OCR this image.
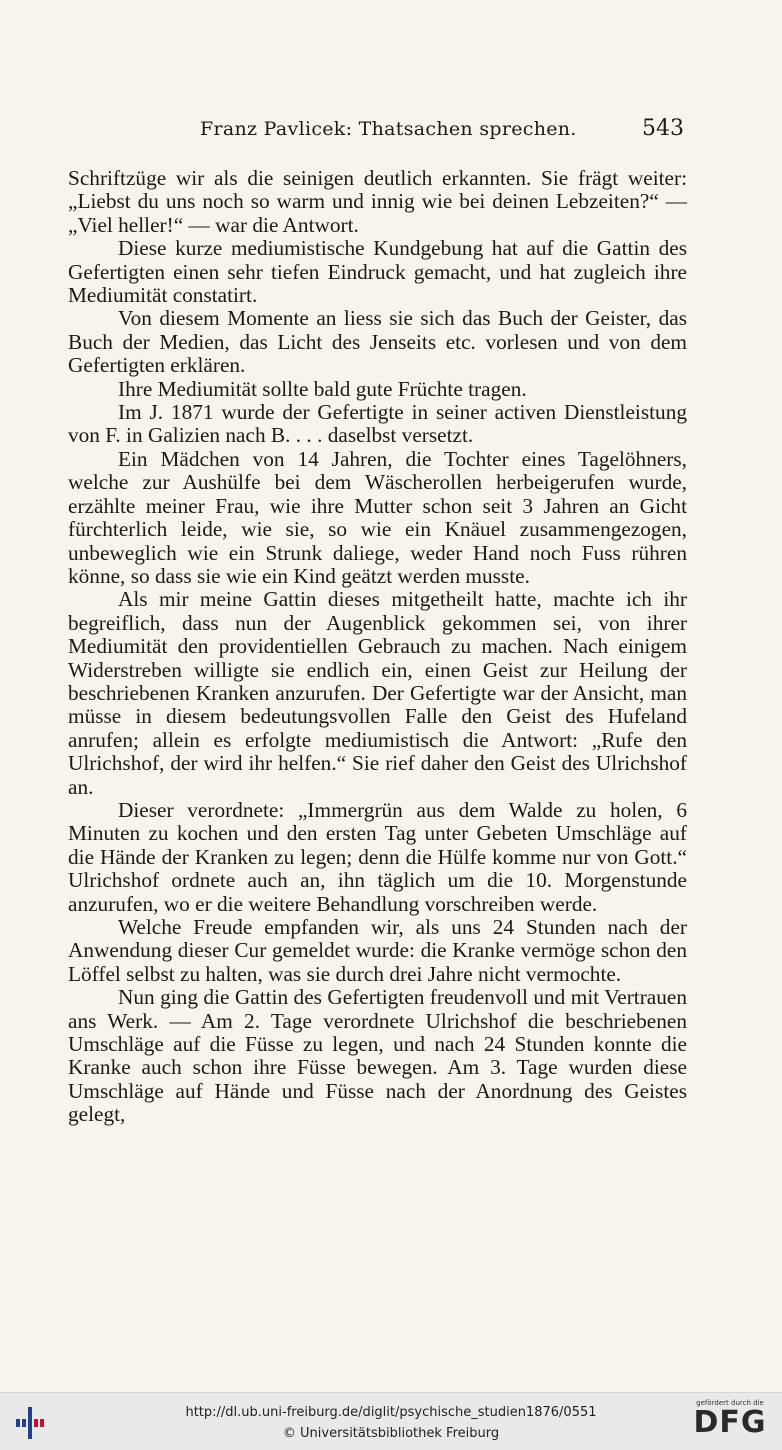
Franz Pavlicek: Thatsachen sprechen.	543

Schriftzüge wir als die seinigen deutlich erkannten. Sie frägt weiter: „Liebst du uns noch so warm und innig wie bei deinen Lebzeiten?“ — „Viel heller!“ — war die Antwort.

Diese kurze mediumistische Kundgebung hat auf die Gattin des Gefertigten einen sehr tiefen Eindruck gemacht, und hat zugleich ihre Mediumität constatirt.

Von diesem Momente an liess sie sich das Buch der Geister, das Buch der Medien, das Licht des Jenseits etc. vorlesen und von dem Gefertigten erklären.

Ihre Mediumität sollte bald gute Früchte tragen.

Im J. 1871 wurde der Gefertigte in seiner activen Dienstleistung von F. in Galizien nach B. . . . daselbst versetzt.

Ein Mädchen von 14 Jahren, die Tochter eines Tagelöhners, welche zur Aushülfe bei dem Wäscherollen herbeigerufen wurde, erzählte meiner Frau, wie ihre Mutter schon seit 3 Jahren an Gicht fürchterlich leide, wie sie, so wie ein Knäuel zusammengezogen, unbeweglich wie ein Strunk daliege, weder Hand noch Fuss rühren könne, so dass sie wie ein Kind geätzt werden musste.

Als mir meine Gattin dieses mitgetheilt hatte, machte ich ihr begreiflich, dass nun der Augenblick gekommen sei, von ihrer Mediumität den providentiellen Gebrauch zu machen. Nach einigem Widerstreben willigte sie endlich ein, einen Geist zur Heilung der beschriebenen Kranken anzurufen. Der Gefertigte war der Ansicht, man müsse in diesem bedeutungsvollen Falle den Geist des Hufeland anrufen; allein es erfolgte mediumistisch die Antwort: „Rufe den Ulrichshof, der wird ihr helfen.“ Sie rief daher den Geist des Ulrichshof an.

Dieser verordnete: „Immergrün aus dem Walde zu holen, 6 Minuten zu kochen und den ersten Tag unter Gebeten Umschläge auf die Hände der Kranken zu legen; denn die Hülfe komme nur von Gott.“ Ulrichshof ordnete auch an, ihn täglich um die 10. Morgenstunde anzurufen, wo er die weitere Behandlung vorschreiben werde.

Welche Freude empfanden wir, als uns 24 Stunden nach der Anwendung dieser Cur gemeldet wurde: die Kranke vermöge schon den Löffel selbst zu halten, was sie durch drei Jahre nicht vermochte.

Nun ging die Gattin des Gefertigten freudenvoll und mit Vertrauen ans Werk. — Am 2. Tage verordnete Ulrichshof die beschriebenen Umschläge auf die Füsse zu legen, und nach 24 Stunden konnte die Kranke auch schon ihre Füsse bewegen. Am 3. Tage wurden diese Umschläge auf Hände und Füsse nach der Anordnung des Geistes gelegt,

http://dl.ub.uni-freiburg.de/diglit/psychische_studien1876/0551
© Universitätsbibliothek Freiburg
gefördert durch die
DFG
